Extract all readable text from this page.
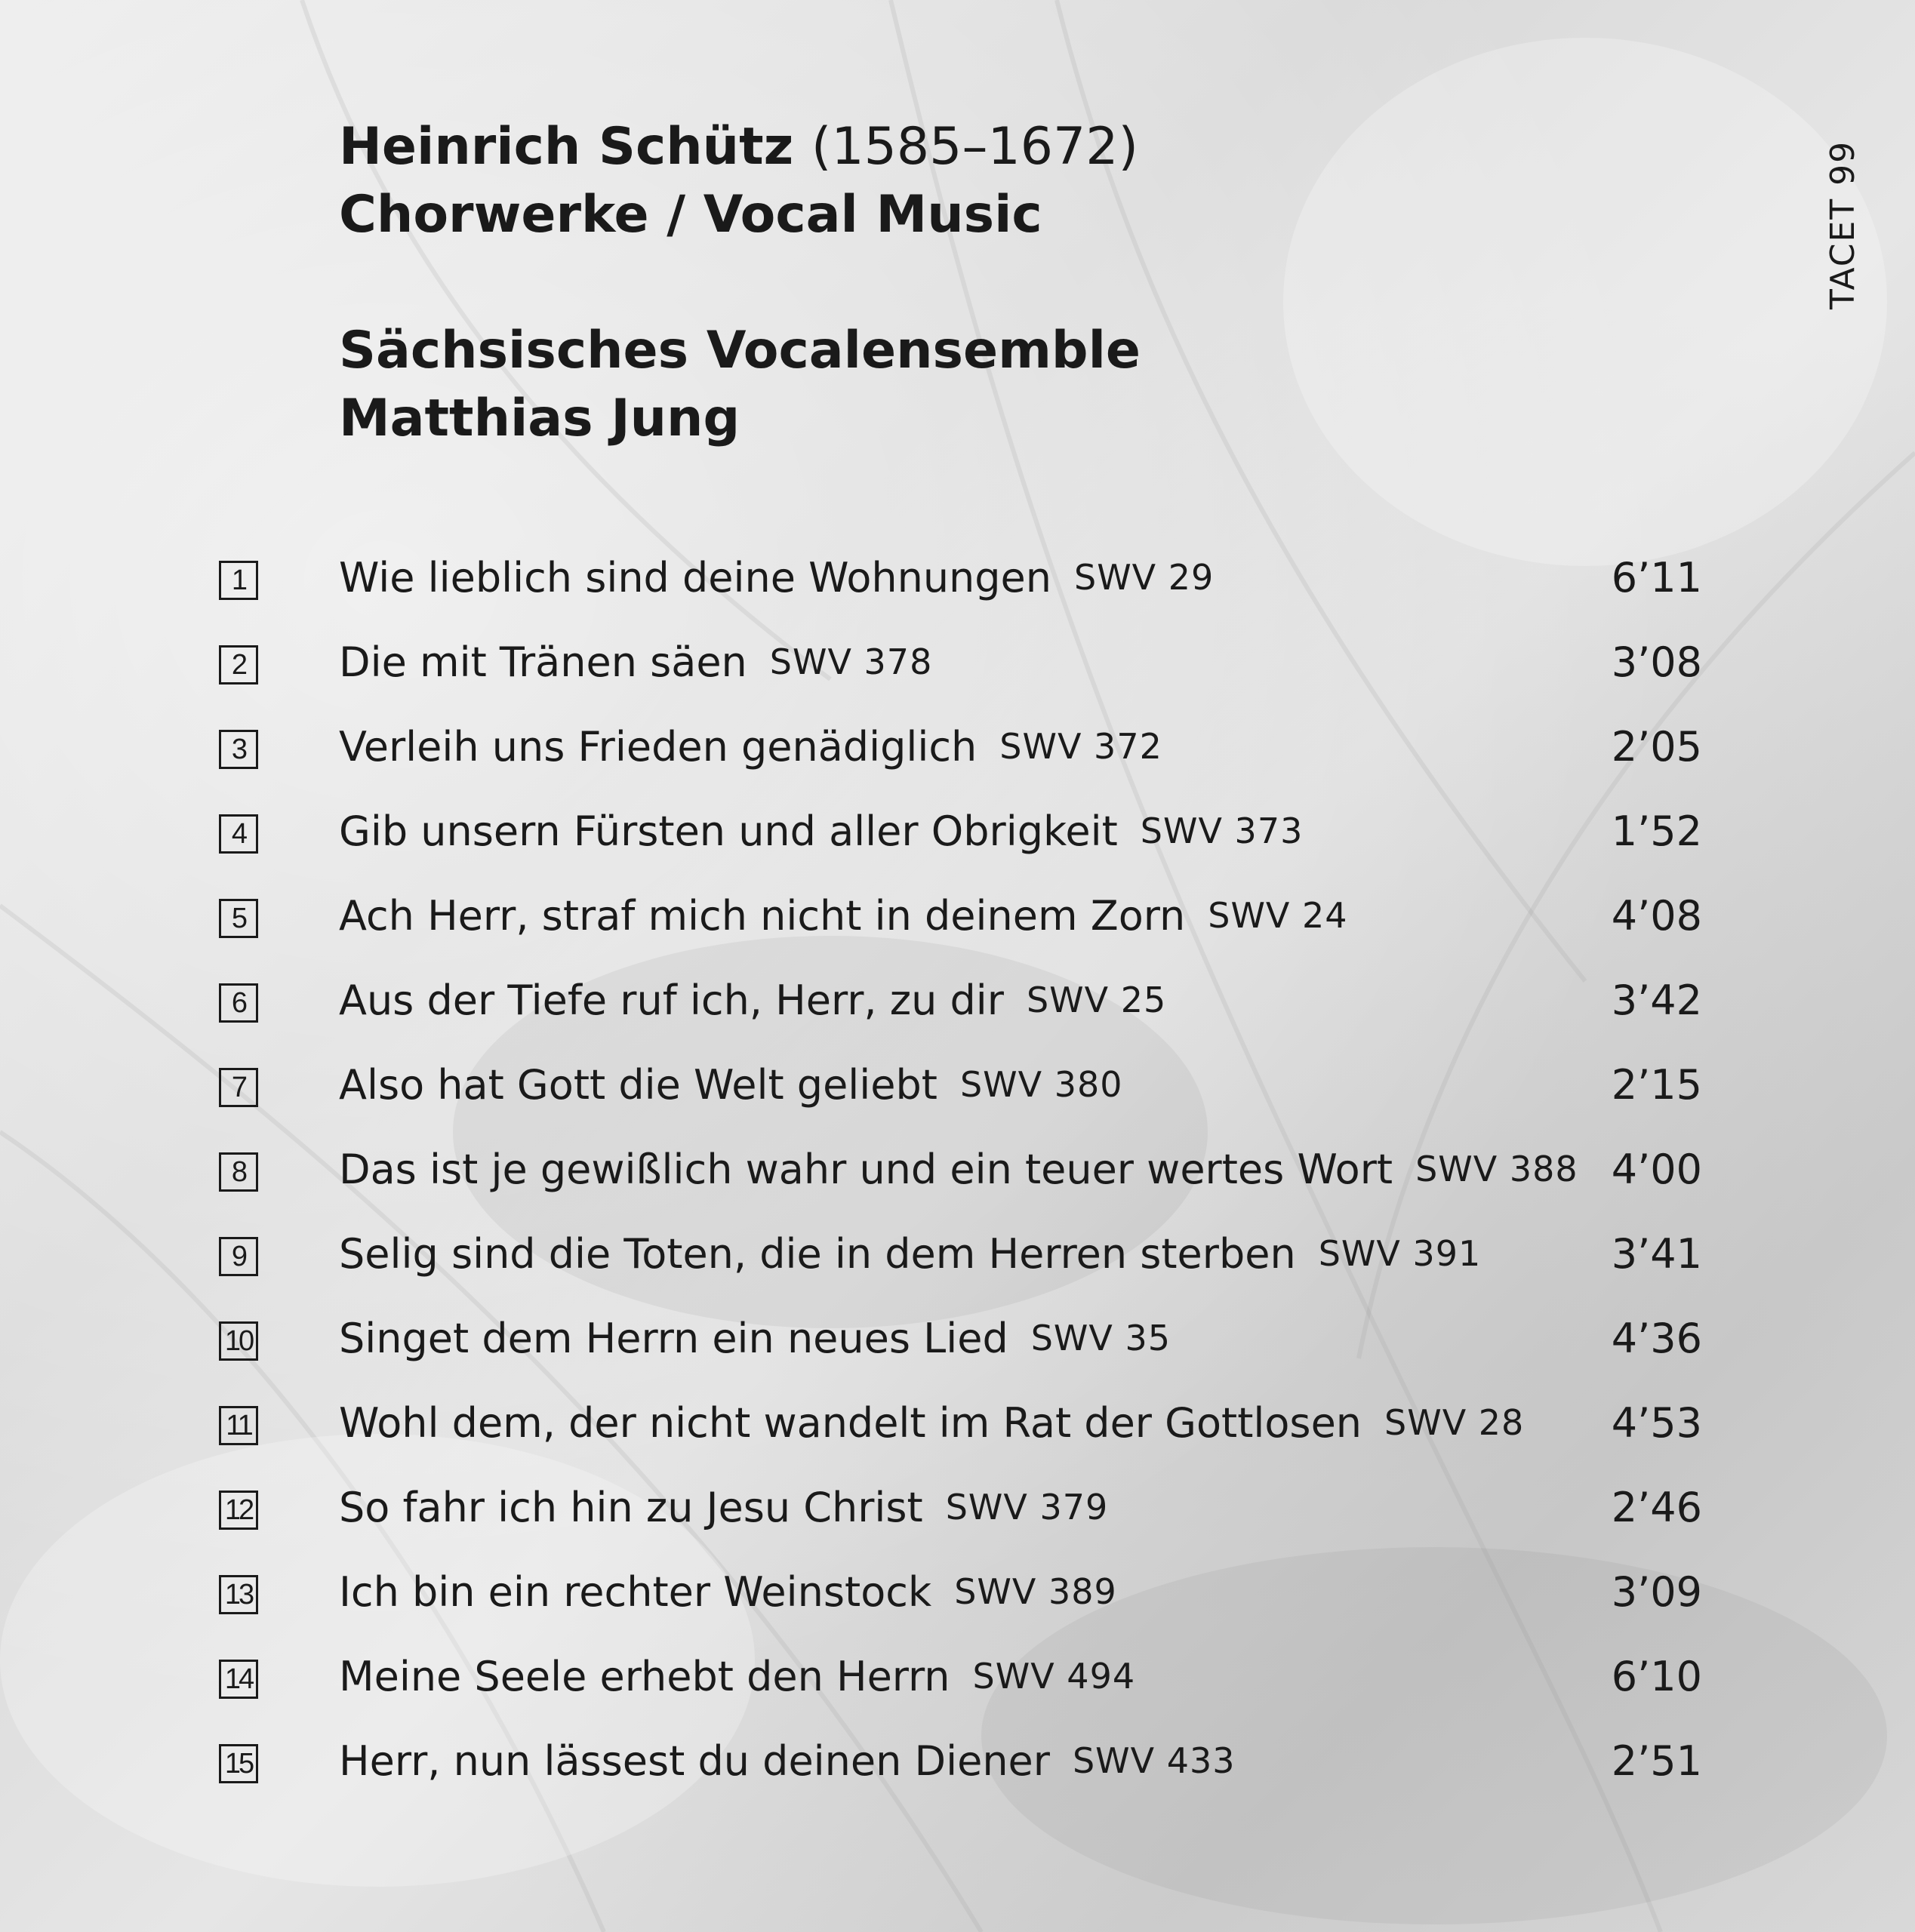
Heinrich Schütz (1585–1672)
Chorwerke / Vocal Music
Sächsisches Vocalensemble
Matthias Jung
TACET 99
1	Wie lieblich sind deine Wohnungen SWV 29	6’11
2	Die mit Tränen säen SWV 378	3’08
3	Verleih uns Frieden genädiglich SWV 372	2’05
4	Gib unsern Fürsten und aller Obrigkeit SWV 373	1’52
5	Ach Herr, straf mich nicht in deinem Zorn SWV 24	4’08
6	Aus der Tiefe ruf ich, Herr, zu dir SWV 25	3’42
7	Also hat Gott die Welt geliebt SWV 380	2’15
8	Das ist je gewißlich wahr und ein teuer wertes Wort SWV 388 4’00
9	Selig sind die Toten, die in dem Herren sterben SWV 391	3’41
10 Singet dem Herrn ein neues Lied SWV 35	4’36
11 Wohl dem, der nicht wandelt im Rat der Gottlosen SWV 28 4’53
12 So fahr ich hin zu Jesu Christ SWV 379	2’46
13 Ich bin ein rechter Weinstock SWV 389	3’09
14 Meine Seele erhebt den Herrn SWV 494	6’10
15 Herr, nun lässest du deinen Diener SWV 433	2’51
